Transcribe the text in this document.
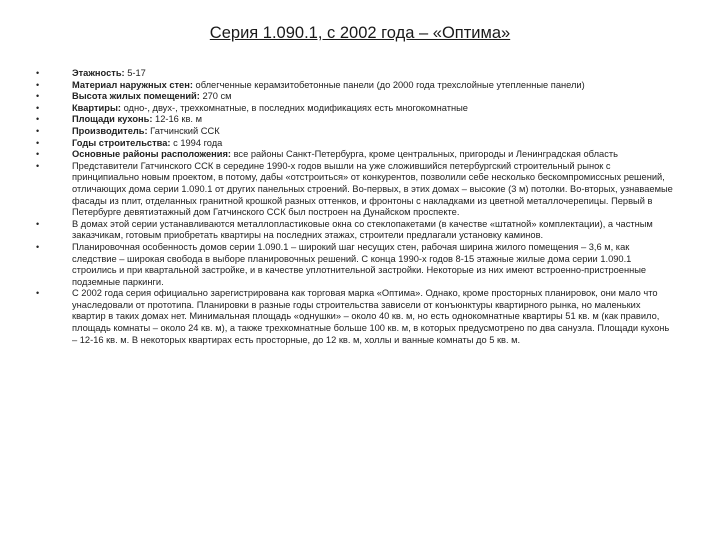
Серия 1.090.1, с 2002 года – «Оптима»
• Этажность: 5-17
• Материал наружных стен: облегченные керамзитобетонные панели (до 2000 года трехслойные утепленные панели)
• Высота жилых помещений: 270 см
• Квартиры: одно-, двух-, трехкомнатные, в последних модификациях есть многокомнатные
• Площади кухонь: 12-16 кв. м
• Производитель: Гатчинский ССК
• Годы строительства: с 1994 года
• Основные районы расположения: все районы Санкт-Петербурга, кроме центральных, пригороды и Ленинградская область
• Представители Гатчинского ССК в середине 1990-х годов вышли на уже сложившийся петербургский строительный рынок с принципиально новым проектом, в потому, дабы «отстроиться» от конкурентов, позволили себе несколько бескомпромиссных решений, отличающих дома серии 1.090.1 от других панельных строений. Во-первых, в этих домах – высокие (3 м) потолки. Во-вторых, узнаваемые фасады из плит, отделанных гранитной крошкой разных оттенков, и фронтоны с накладками из цветной металлочерепицы. Первый в Петербурге девятиэтажный дом Гатчинского ССК был построен на Дунайском проспекте.
• В домах этой серии устанавливаются металлопластиковые окна со стеклопакетами (в качестве «штатной» комплектации), а частным заказчикам, готовым приобретать квартиры на последних этажах, строители предлагали установку каминов.
• Планировочная особенность домов серии 1.090.1 – широкий шаг несущих стен, рабочая ширина жилого помещения – 3,6 м, как следствие – широкая свобода в выборе планировочных решений. С конца 1990-х годов 8-15 этажные жилые дома серии 1.090.1 строились и при квартальной застройке, и в качестве уплотнительной застройки. Некоторые из них имеют встроенно-пристроенные подземные паркинги.
• С 2002 года серия официально зарегистрирована как торговая марка «Оптима». Однако, кроме просторных планировок, они мало что унаследовали от прототипа. Планировки в разные годы строительства зависели от конъюнктуры квартирного рынка, но маленьких квартир в таких домах нет. Минимальная площадь «однушки» – около 40 кв. м, но есть однокомнатные квартиры 51 кв. м (как правило, площадь комнаты – около 24 кв. м), а также трехкомнатные больше 100 кв. м, в которых предусмотрено по два санузла. Площади кухонь – 12-16 кв. м. В некоторых квартирах есть просторные, до 12 кв. м, холлы и ванные комнаты до 5 кв. м.
